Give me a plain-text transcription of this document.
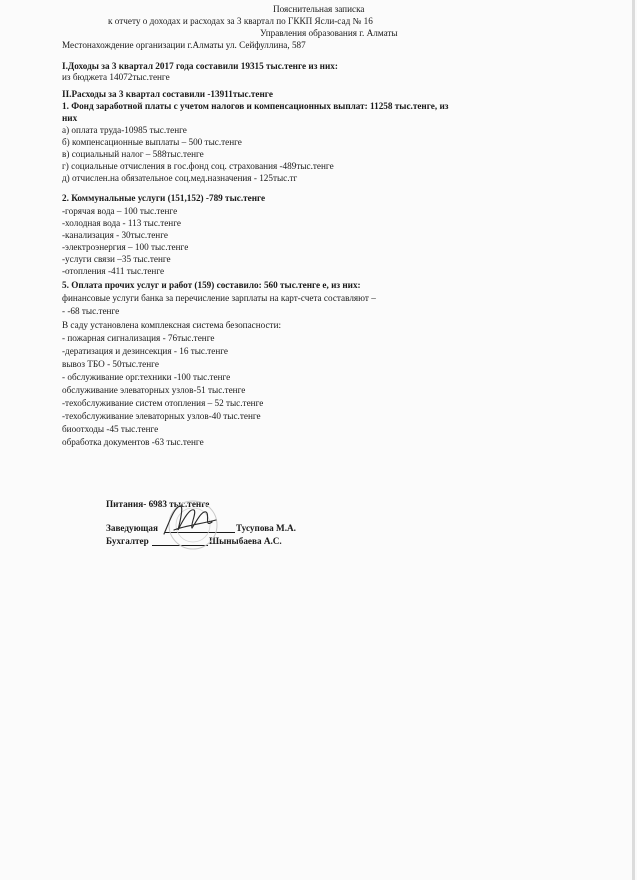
Пояснительная записка
к отчету о доходах и расходах за 3 квартал по ГККП Ясли-сад № 16
Управления образования г. Алматы
Местонахождение организации г.Алматы ул. Сейфуллина, 587
I.Доходы за 3 квартал 2017 года составили 19315 тыс.тенге из них:
из бюджета 14072тыс.тенге
II.Расходы за 3 квартал составили -13911тыс.тенге
1. Фонд заработной платы с учетом налогов и компенсационных выплат: 11258 тыс.тенге, из
них
а) оплата труда-10985 тыс.тенге
б) компенсационные выплаты – 500 тыс.тенге
в) социальный налог – 588тыс.тенге
г) социальные отчисления в гос.фонд соц. страхования -489тыс.тенге
д) отчислен.на обязательное соц.мед.назначения - 125тыс.тг
2. Коммунальные услуги (151,152) -789 тыс.тенге
-горячая вода – 100 тыс.тенге
-холодная вода - 113 тыс.тенге
-канализация - 30тыс.тенге
-электроэнергия – 100 тыс.тенге
-услуги связи –35 тыс.тенге
-отопления -411 тыс.тенге
5. Оплата прочих услуг и работ (159) составило: 560 тыс.тенге е, из них:
финансовые услуги банка за перечисление зарплаты на карт-счета составляют –
- -68 тыс.тенге
В саду установлена комплексная система безопасности:
- пожарная сигнализация - 76тыс.тенге
-дератизация и дезинсекция - 16 тыс.тенге
вывоз ТБО - 50тыс.тенге
- обслуживание орг.техники -100 тыс.тенге
обслуживание элеваторных узлов-51 тыс.тенге
-техобслуживание систем отопления – 52 тыс.тенге
-техобслуживание элеваторных узлов-40 тыс.тенге
биоотходы -45 тыс.тенге
обработка документов -63 тыс.тенге
Питания- 6983 тыс.тенге
Заведующая	Тусупова М.А.
Бухгалтер	Шыныбаева А.С.
